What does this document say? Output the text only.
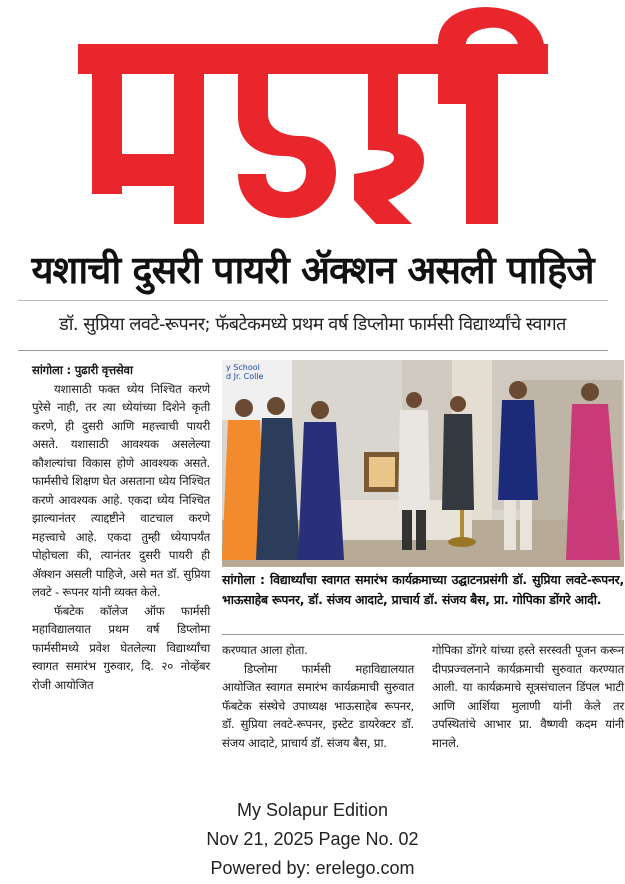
पुढारी
यशाची दुसरी पायरी ॲक्शन असली पाहिजे
डॉ. सुप्रिया लवटे-रूपनर; फॅबटेकमध्ये प्रथम वर्ष डिप्लोमा फार्मसी विद्यार्थ्यांचे स्वागत

सांगोला : पुढारी वृत्तसेवा

यशासाठी फक्त ध्येय निश्चित करणे पुरेसे नाही, तर त्या ध्येयांच्या दिशेने कृती करणे, ही दुसरी आणि महत्त्वाची पायरी असते. यशासाठी आवश्यक असलेल्या कौशल्यांचा विकास होणे आवश्यक असते. फार्मसीचे शिक्षण घेत असताना ध्येय निश्चित करणे आवश्यक आहे. एकदा ध्येय निश्चित झाल्यानंतर त्याद्दष्टीने वाटचाल करणे महत्त्वाचे आहे. एकदा तुम्ही ध्येयापर्यंत पोहोचला की, त्यानंतर दुसरी पायरी ही ॲक्शन असली पाहिजे, असे मत डॉ. सुप्रिया लवटे - रूपनर यांनी व्यक्त केले.

फॅबटेक कॉलेज ऑफ फार्मसी महाविद्यालयात प्रथम वर्ष डिप्लोमा फार्मसीमध्ये प्रवेश घेतलेल्या विद्यार्थ्यांचा स्वागत समारंभ गुरुवार, दि. २० नोव्हेंबर रोजी आयोजित

y School d Jr. Colle
सांगोला : विद्यार्थ्यांचा स्वागत समारंभ कार्यक्रमाच्या उद्घाटनप्रसंगी डॉ. सुप्रिया लवटे-रूपनर, भाऊसाहेब रूपनर, डॉ. संजय आदाटे, प्राचार्य डॉ. संजय बैस, प्रा. गोपिका डोंगरे आदी.

करण्यात आला होता.

डिप्लोमा फार्मसी महाविद्यालयात आयोजित स्वागत समारंभ कार्यक्रमाची सुरुवात फॅबटेक संस्थेचे उपाध्यक्ष भाऊसाहेब रूपनर, डॉ. सुप्रिया लवटे-रूपनर, इस्टेट डायरेक्टर डॉ. संजय आदाटे, प्राचार्य डॉ. संजय बैस, प्रा.

गोपिका डोंगरे यांच्या हस्ते सरस्वती पूजन करून दीपप्रज्वलनाने कार्यक्रमाची सुरुवात करण्यात आली. या कार्यक्रमाचे सूत्रसंचालन डिंपल भाटी आणि आर्शिया मुलाणी यांनी केले तर उपस्थितांचे आभार प्रा. वैष्णवी कदम यांनी मानले.

My Solapur Edition
Nov 21, 2025 Page No. 02
Powered by: erelego.com
